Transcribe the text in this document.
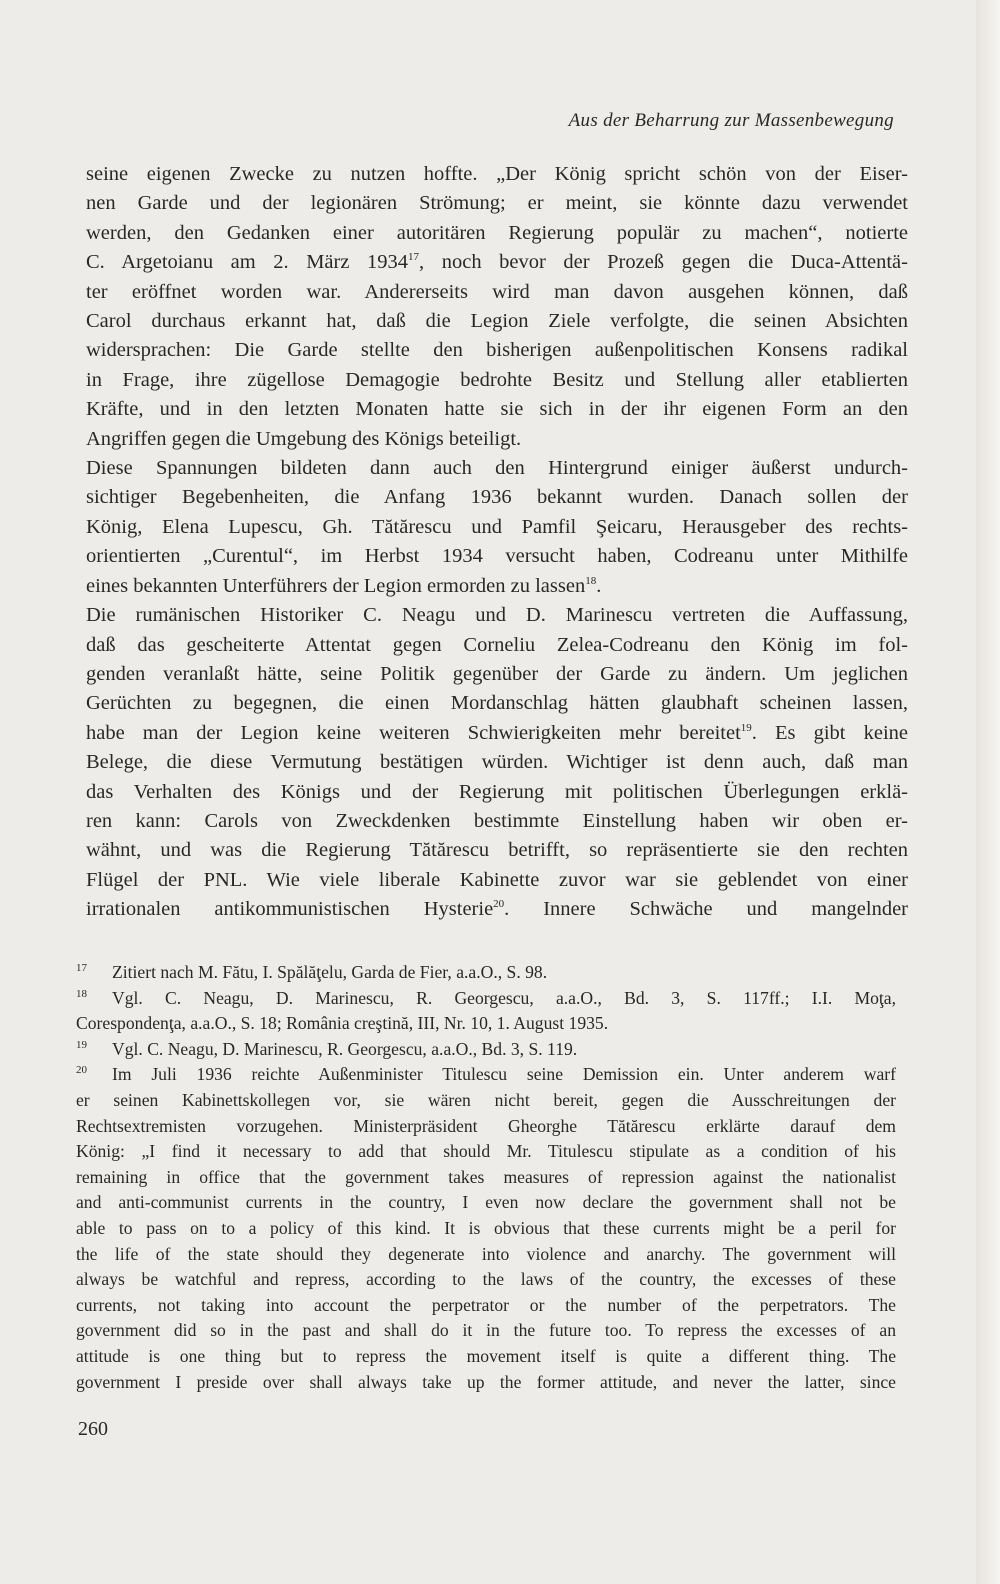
Aus der Beharrung zur Massenbewegung

seine eigenen Zwecke zu nutzen hoffte. „Der König spricht schön von der Eiser-
nen Garde und der legionären Strömung; er meint, sie könnte dazu verwendet
werden, den Gedanken einer autoritären Regierung populär zu machen“, notierte
C. Argetoianu am 2. März 1934$^{17}$, noch bevor der Prozeß gegen die Duca-Attentä-
ter eröffnet worden war. Andererseits wird man davon ausgehen können, daß
Carol durchaus erkannt hat, daß die Legion Ziele verfolgte, die seinen Absichten
widersprachen: Die Garde stellte den bisherigen außenpolitischen Konsens radikal
in Frage, ihre zügellose Demagogie bedrohte Besitz und Stellung aller etablierten
Kräfte, und in den letzten Monaten hatte sie sich in der ihr eigenen Form an den
Angriffen gegen die Umgebung des Königs beteiligt.

Diese Spannungen bildeten dann auch den Hintergrund einiger äußerst undurch-
sichtiger Begebenheiten, die Anfang 1936 bekannt wurden. Danach sollen der
König, Elena Lupescu, Gh. Tătărescu und Pamfil Şeicaru, Herausgeber des rechts-
orientierten „Curentul“, im Herbst 1934 versucht haben, Codreanu unter Mithilfe
eines bekannten Unterführers der Legion ermorden zu lassen$^{18}$.

Die rumänischen Historiker C. Neagu und D. Marinescu vertreten die Auffassung,
daß das gescheiterte Attentat gegen Corneliu Zelea-Codreanu den König im fol-
genden veranlaßt hätte, seine Politik gegenüber der Garde zu ändern. Um jeglichen
Gerüchten zu begegnen, die einen Mordanschlag hätten glaubhaft scheinen lassen,
habe man der Legion keine weiteren Schwierigkeiten mehr bereitet$^{19}$. Es gibt keine
Belege, die diese Vermutung bestätigen würden. Wichtiger ist denn auch, daß man
das Verhalten des Königs und der Regierung mit politischen Überlegungen erklä-
ren kann: Carols von Zweckdenken bestimmte Einstellung haben wir oben er-
wähnt, und was die Regierung Tătărescu betrifft, so repräsentierte sie den rechten
Flügel der PNL. Wie viele liberale Kabinette zuvor war sie geblendet von einer
irrationalen antikommunistischen Hysterie$^{20}$. Innere Schwäche und mangelnder

17 Zitiert nach M. Fătu, I. Spălăţelu, Garda de Fier, a.a.O., S. 98.
18 Vgl. C. Neagu, D. Marinescu, R. Georgescu, a.a.O., Bd. 3, S. 117ff.; I.I. Moţa,
Corespondenţa, a.a.O., S. 18; România creştină, III, Nr. 10, 1. August 1935.
19 Vgl. C. Neagu, D. Marinescu, R. Georgescu, a.a.O., Bd. 3, S. 119.
20 Im Juli 1936 reichte Außenminister Titulescu seine Demission ein. Unter anderem warf
er seinen Kabinettskollegen vor, sie wären nicht bereit, gegen die Ausschreitungen der
Rechtsextremisten vorzugehen. Ministerpräsident Gheorghe Tătărescu erklärte darauf dem
König: „I find it necessary to add that should Mr. Titulescu stipulate as a condition of his
remaining in office that the government takes measures of repression against the nationalist
and anti-communist currents in the country, I even now declare the government shall not be
able to pass on to a policy of this kind. It is obvious that these currents might be a peril for
the life of the state should they degenerate into violence and anarchy. The government will
always be watchful and repress, according to the laws of the country, the excesses of these
currents, not taking into account the perpetrator or the number of the perpetrators. The
government did so in the past and shall do it in the future too. To repress the excesses of an
attitude is one thing but to repress the movement itself is quite a different thing. The
government I preside over shall always take up the former attitude, and never the latter, since
260
